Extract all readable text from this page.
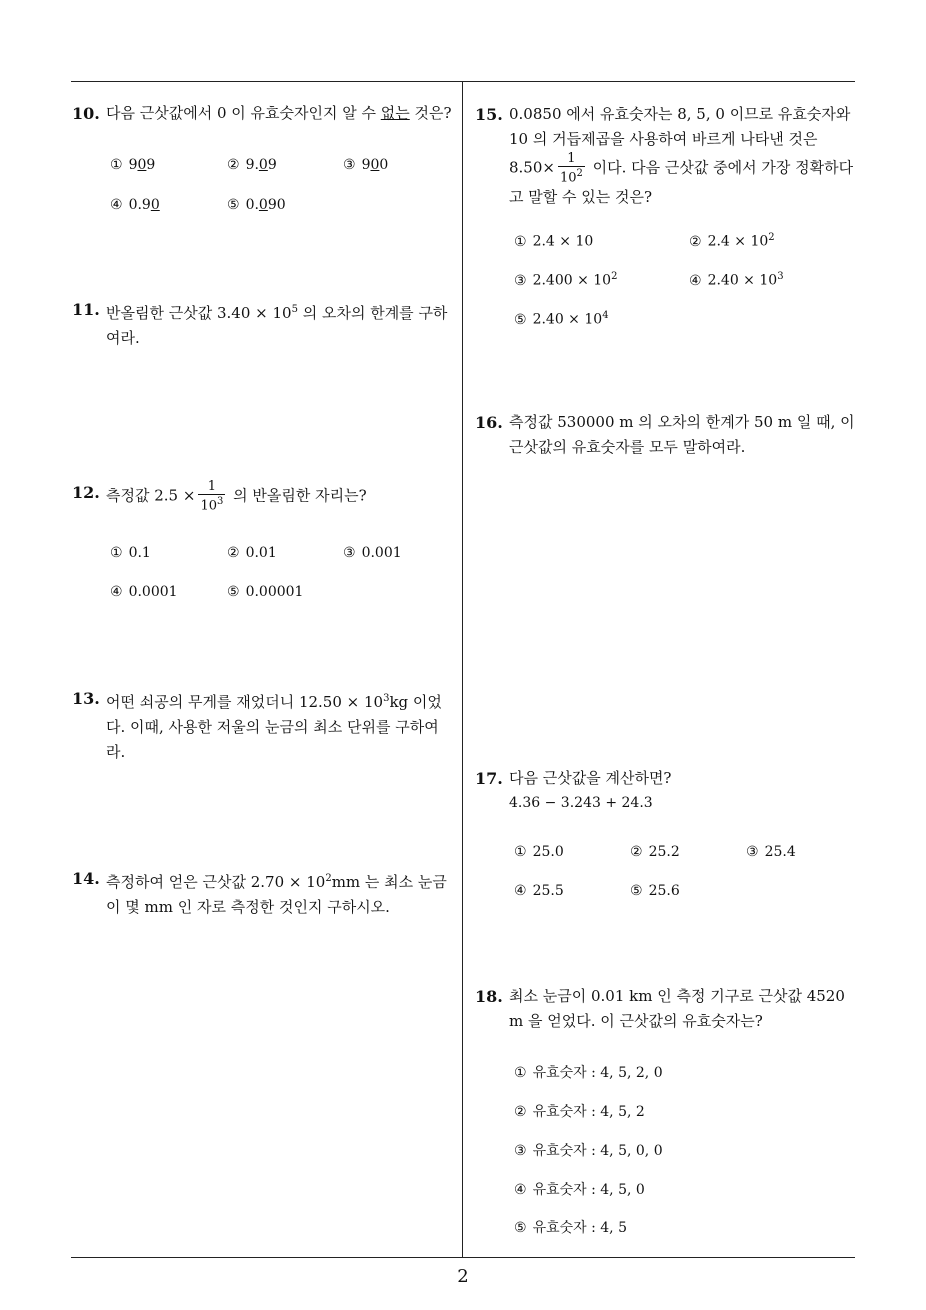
10. 다음 근삿값에서 0 이 유효숫자인지 알 수 없는 것은?
① 909	② 9.09	③ 900
④ 0.90	⑤ 0.090
11. 반올림한 근삿값 $3.40 \times 10^5$ 의 오차의 한계를 구하여라.
12. 측정값 $2.5 \times \frac{1}{10^3}$ 의 반올림한 자리는?
① 0.1	② 0.01	③ 0.001
④ 0.0001	⑤ 0.00001
13. 어떤 쇠공의 무게를 재었더니 $12.50 \times 10^3kg$ 이었다. 이때, 사용한 저울의 눈금의 최소 단위를 구하여라.
14. 측정하여 얻은 근삿값 $2.70 \times 10^2mm$ 는 최소 눈금이 몇 mm 인 자로 측정한 것인지 구하시오.
15. 0.0850 에서 유효숫자는 8, 5, 0 이므로 유효숫자와 10 의 거듭제곱을 사용하여 바르게 나타낸 것은 $8.50\times \frac{1}{10^2}$ 이다. 다음 근삿값 중에서 가장 정확하다고 말할 수 있는 것은?
① 2.4 × 10	② $2.4 \times 10^2$
③ $2.400 \times 10^2$	④ $2.40 \times 10^3$
⑤ $2.40 \times 10^4$
16. 측정값 530000 m 의 오차의 한계가 50 m 일 때, 이 근삿값의 유효숫자를 모두 말하여라.
17. 다음 근삿값을 계산하면?
4.36 − 3.243 + 24.3
① 25.0	② 25.2	③ 25.4
④ 25.5	⑤ 25.6
18. 최소 눈금이 0.01 km 인 측정 기구로 근삿값 4520 m 을 얻었다. 이 근삿값의 유효숫자는?
① 유효숫자 : 4, 5, 2, 0
② 유효숫자 : 4, 5, 2
③ 유효숫자 : 4, 5, 0, 0
④ 유효숫자 : 4, 5, 0
⑤ 유효숫자 : 4, 5
2
